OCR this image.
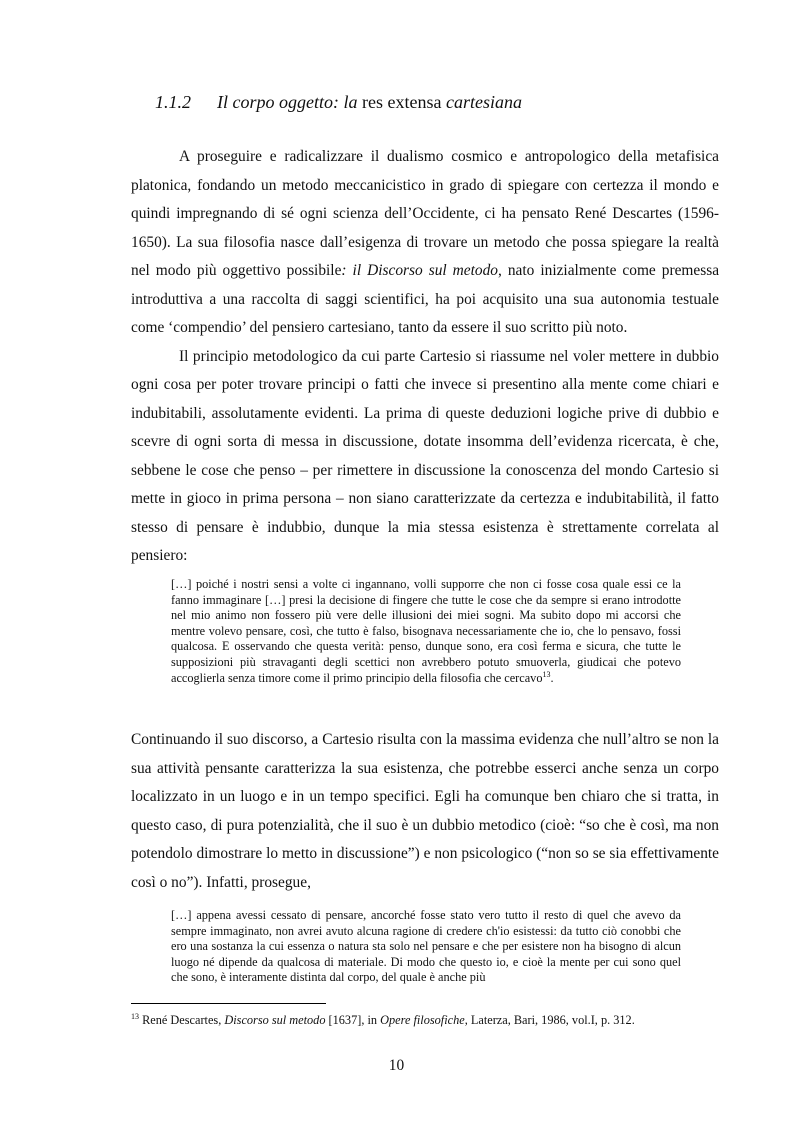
1.1.2 Il corpo oggetto: la res extensa cartesiana

A proseguire e radicalizzare il dualismo cosmico e antropologico della metafisica platonica, fondando un metodo meccanicistico in grado di spiegare con certezza il mondo e quindi impregnando di sé ogni scienza dell’Occidente, ci ha pensato René Descartes (1596-1650). La sua filosofia nasce dall’esigenza di trovare un metodo che possa spiegare la realtà nel modo più oggettivo possibile: il Discorso sul metodo, nato inizialmente come premessa introduttiva a una raccolta di saggi scientifici, ha poi acquisito una sua autonomia testuale come ‘compendio’ del pensiero cartesiano, tanto da essere il suo scritto più noto.

Il principio metodologico da cui parte Cartesio si riassume nel voler mettere in dubbio ogni cosa per poter trovare principi o fatti che invece si presentino alla mente come chiari e indubitabili, assolutamente evidenti. La prima di queste deduzioni logiche prive di dubbio e scevre di ogni sorta di messa in discussione, dotate insomma dell’evidenza ricercata, è che, sebbene le cose che penso – per rimettere in discussione la conoscenza del mondo Cartesio si mette in gioco in prima persona – non siano caratterizzate da certezza e indubitabilità, il fatto stesso di pensare è indubbio, dunque la mia stessa esistenza è strettamente correlata al pensiero:

[…] poiché i nostri sensi a volte ci ingannano, volli supporre che non ci fosse cosa quale essi ce la fanno immaginare […] presi la decisione di fingere che tutte le cose che da sempre si erano introdotte nel mio animo non fossero più vere delle illusioni dei miei sogni. Ma subito dopo mi accorsi che mentre volevo pensare, così, che tutto è falso, bisognava necessariamente che io, che lo pensavo, fossi qualcosa. E osservando che questa verità: penso, dunque sono, era così ferma e sicura, che tutte le supposizioni più stravaganti degli scettici non avrebbero potuto smuoverla, giudicai che potevo accoglierla senza timore come il primo principio della filosofia che cercavo$^{13}$.

Continuando il suo discorso, a Cartesio risulta con la massima evidenza che null’altro se non la sua attività pensante caratterizza la sua esistenza, che potrebbe esserci anche senza un corpo localizzato in un luogo e in un tempo specifici. Egli ha comunque ben chiaro che si tratta, in questo caso, di pura potenzialità, che il suo è un dubbio metodico (cioè: “so che è così, ma non potendolo dimostrare lo metto in discussione”) e non psicologico (“non so se sia effettivamente così o no”). Infatti, prosegue,

[…] appena avessi cessato di pensare, ancorché fosse stato vero tutto il resto di quel che avevo da sempre immaginato, non avrei avuto alcuna ragione di credere ch'io esistessi: da tutto ciò conobbi che ero una sostanza la cui essenza o natura sta solo nel pensare e che per esistere non ha bisogno di alcun luogo né dipende da qualcosa di materiale. Di modo che questo io, e cioè la mente per cui sono quel che sono, è interamente distinta dal corpo, del quale è anche più
$^{13}$ René Descartes, Discorso sul metodo [1637], in Opere filosofiche, Laterza, Bari, 1986, vol.I, p. 312.
10
